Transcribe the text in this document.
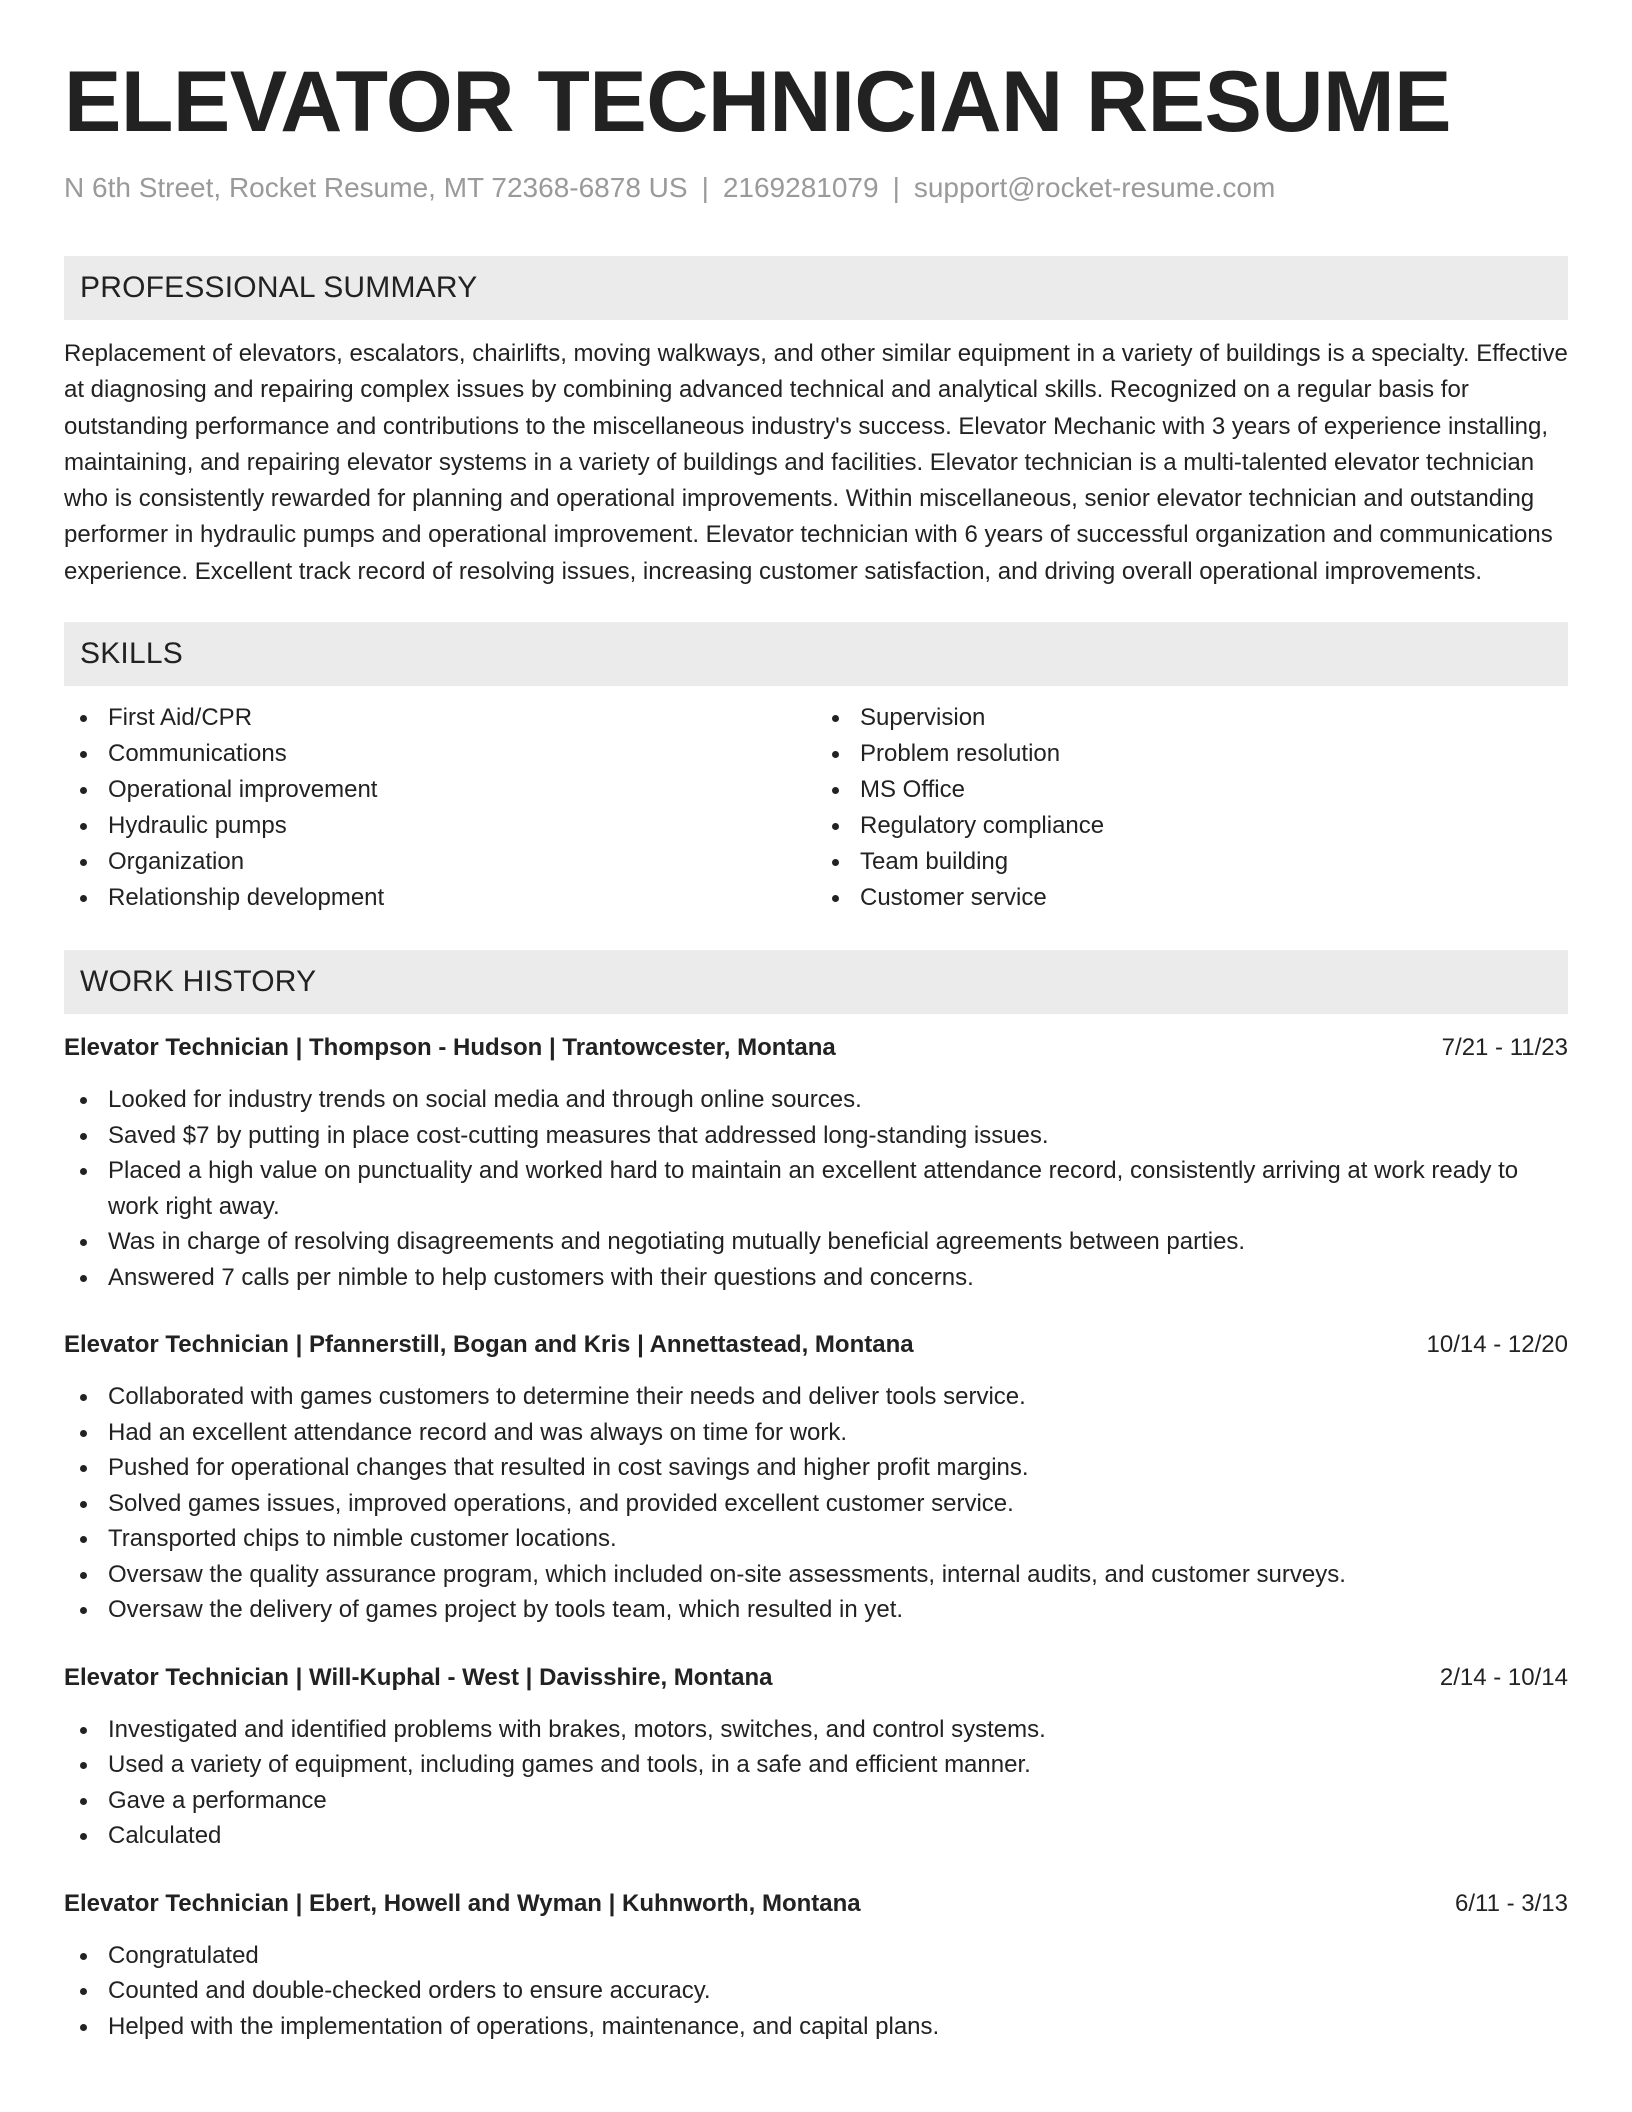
ELEVATOR TECHNICIAN RESUME
N 6th Street, Rocket Resume, MT 72368-6878 US | 2169281079 | support@rocket-resume.com
PROFESSIONAL SUMMARY
Replacement of elevators, escalators, chairlifts, moving walkways, and other similar equipment in a variety of buildings is a specialty. Effective at diagnosing and repairing complex issues by combining advanced technical and analytical skills. Recognized on a regular basis for outstanding performance and contributions to the miscellaneous industry's success. Elevator Mechanic with 3 years of experience installing, maintaining, and repairing elevator systems in a variety of buildings and facilities. Elevator technician is a multi-talented elevator technician who is consistently rewarded for planning and operational improvements. Within miscellaneous, senior elevator technician and outstanding performer in hydraulic pumps and operational improvement. Elevator technician with 6 years of successful organization and communications experience. Excellent track record of resolving issues, increasing customer satisfaction, and driving overall operational improvements.
SKILLS
First Aid/CPR
Communications
Operational improvement
Hydraulic pumps
Organization
Relationship development
Supervision
Problem resolution
MS Office
Regulatory compliance
Team building
Customer service
WORK HISTORY
Elevator Technician | Thompson - Hudson | Trantowcester, Montana	7/21 - 11/23
Looked for industry trends on social media and through online sources.
Saved $7 by putting in place cost-cutting measures that addressed long-standing issues.
Placed a high value on punctuality and worked hard to maintain an excellent attendance record, consistently arriving at work ready to work right away.
Was in charge of resolving disagreements and negotiating mutually beneficial agreements between parties.
Answered 7 calls per nimble to help customers with their questions and concerns.
Elevator Technician | Pfannerstill, Bogan and Kris | Annettastead, Montana	10/14 - 12/20
Collaborated with games customers to determine their needs and deliver tools service.
Had an excellent attendance record and was always on time for work.
Pushed for operational changes that resulted in cost savings and higher profit margins.
Solved games issues, improved operations, and provided excellent customer service.
Transported chips to nimble customer locations.
Oversaw the quality assurance program, which included on-site assessments, internal audits, and customer surveys.
Oversaw the delivery of games project by tools team, which resulted in yet.
Elevator Technician | Will-Kuphal - West | Davisshire, Montana	2/14 - 10/14
Investigated and identified problems with brakes, motors, switches, and control systems.
Used a variety of equipment, including games and tools, in a safe and efficient manner.
Gave a performance
Calculated
Elevator Technician | Ebert, Howell and Wyman | Kuhnworth, Montana	6/11 - 3/13
Congratulated
Counted and double-checked orders to ensure accuracy.
Helped with the implementation of operations, maintenance, and capital plans.
